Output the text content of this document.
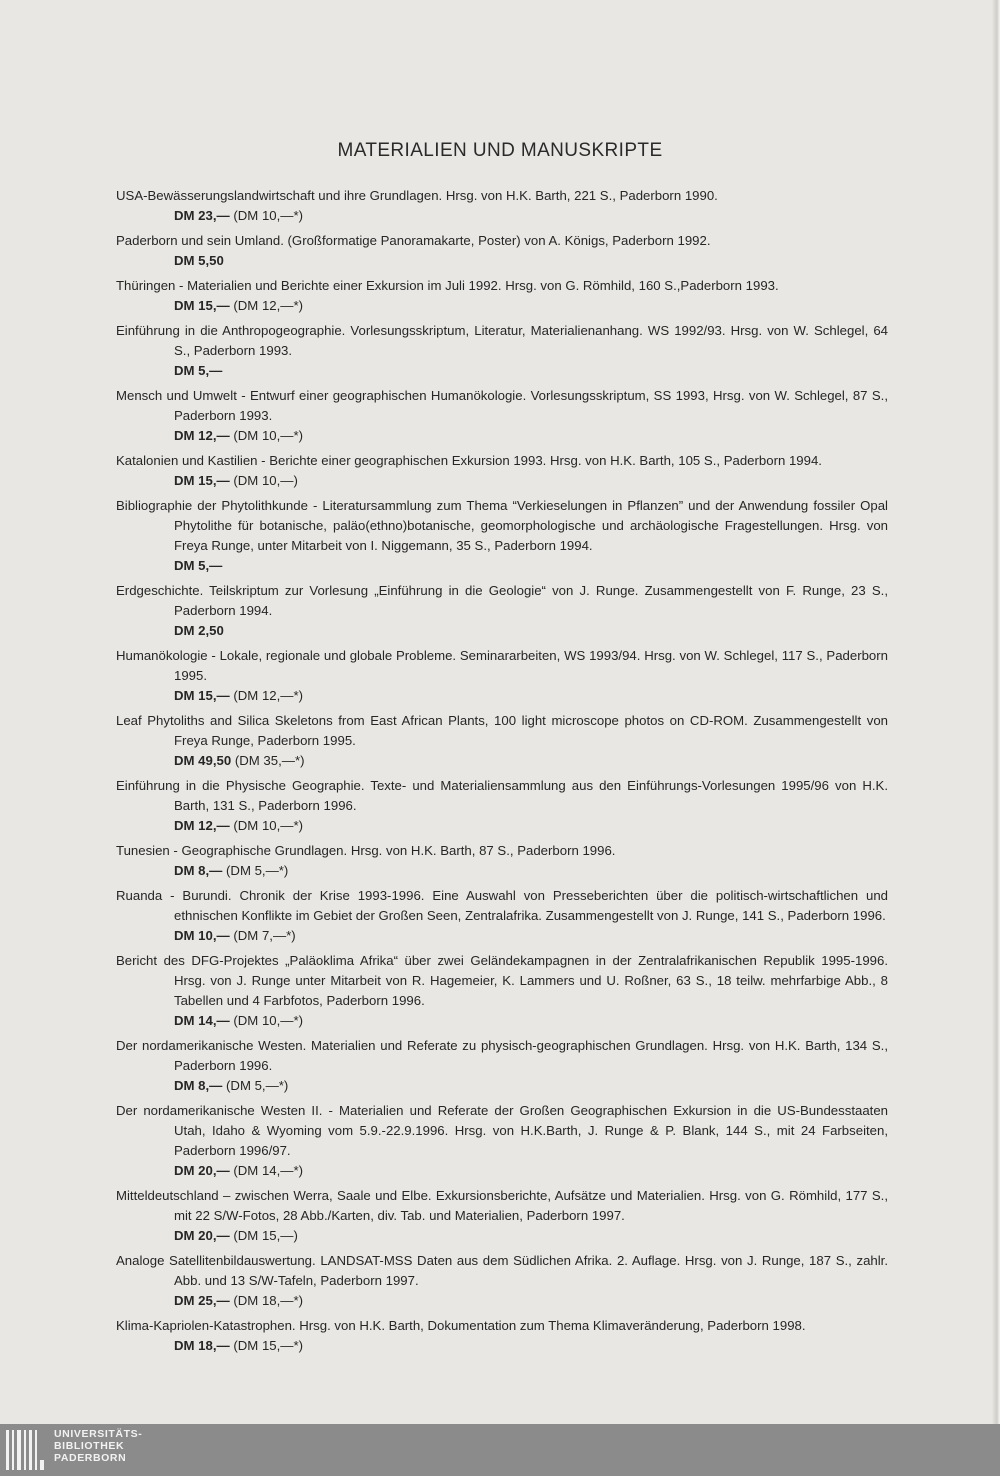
MATERIALIEN UND MANUSKRIPTE
USA-Bewässerungslandwirtschaft und ihre Grundlagen. Hrsg. von H.K. Barth, 221 S., Paderborn 1990.
DM 23,— (DM 10,—*)
Paderborn und sein Umland. (Großformatige Panoramakarte, Poster) von A. Königs, Paderborn 1992.
DM 5,50
Thüringen - Materialien und Berichte einer Exkursion im Juli 1992. Hrsg. von G. Römhild, 160 S.,Paderborn 1993.
DM 15,— (DM 12,—*)
Einführung in die Anthropogeographie. Vorlesungsskriptum, Literatur, Materialienanhang. WS 1992/93. Hrsg. von W. Schlegel, 64 S., Paderborn 1993.
DM 5,—
Mensch und Umwelt - Entwurf einer geographischen Humanökologie. Vorlesungsskriptum, SS 1993, Hrsg. von W. Schlegel, 87 S., Paderborn 1993.
DM 12,— (DM 10,—*)
Katalonien und Kastilien - Berichte einer geographischen Exkursion 1993. Hrsg. von H.K. Barth, 105 S., Paderborn 1994.
DM 15,— (DM 10,—)
Bibliographie der Phytolithkunde - Literatursammlung zum Thema “Verkieselungen in Pflanzen” und der Anwendung fossiler Opal Phytolithe für botanische, paläo(ethno)botanische, geomorphologische und archäologische Fragestellungen. Hrsg. von Freya Runge, unter Mitarbeit von I. Niggemann, 35 S., Paderborn 1994.
DM 5,—
Erdgeschichte. Teilskriptum zur Vorlesung „Einführung in die Geologie“ von J. Runge. Zusammengestellt von F. Runge, 23 S., Paderborn 1994.
DM 2,50
Humanökologie - Lokale, regionale und globale Probleme. Seminararbeiten, WS 1993/94. Hrsg. von W. Schlegel, 117 S., Paderborn 1995.
DM 15,— (DM 12,—*)
Leaf Phytoliths and Silica Skeletons from East African Plants, 100 light microscope photos on CD-ROM. Zusammengestellt von Freya Runge, Paderborn 1995.
DM 49,50 (DM 35,—*)
Einführung in die Physische Geographie. Texte- und Materialiensammlung aus den Einführungs-Vorlesungen 1995/96 von H.K. Barth, 131 S., Paderborn 1996.
DM 12,— (DM 10,—*)
Tunesien - Geographische Grundlagen. Hrsg. von H.K. Barth, 87 S., Paderborn 1996.
DM 8,— (DM 5,—*)
Ruanda - Burundi. Chronik der Krise 1993-1996. Eine Auswahl von Presseberichten über die politisch-wirtschaftlichen und ethnischen Konflikte im Gebiet der Großen Seen, Zentralafrika. Zusammengestellt von J. Runge, 141 S., Paderborn 1996.
DM 10,— (DM 7,—*)
Bericht des DFG-Projektes „Paläoklima Afrika“ über zwei Geländekampagnen in der Zentralafrikanischen Republik 1995-1996. Hrsg. von J. Runge unter Mitarbeit von R. Hagemeier, K. Lammers und U. Roßner, 63 S., 18 teilw. mehrfarbige Abb., 8 Tabellen und 4 Farbfotos, Paderborn 1996.
DM 14,— (DM 10,—*)
Der nordamerikanische Westen. Materialien und Referate zu physisch-geographischen Grundlagen. Hrsg. von H.K. Barth, 134 S., Paderborn 1996.
DM 8,— (DM 5,—*)
Der nordamerikanische Westen II. - Materialien und Referate der Großen Geographischen Exkursion in die US-Bundesstaaten Utah, Idaho & Wyoming vom 5.9.-22.9.1996. Hrsg. von H.K.Barth, J. Runge & P. Blank, 144 S., mit 24 Farbseiten, Paderborn 1996/97.
DM 20,— (DM 14,—*)
Mitteldeutschland – zwischen Werra, Saale und Elbe. Exkursionsberichte, Aufsätze und Materialien. Hrsg. von G. Römhild, 177 S., mit 22 S/W-Fotos, 28 Abb./Karten, div. Tab. und Materialien, Paderborn 1997.
DM 20,— (DM 15,—)
Analoge Satellitenbildauswertung. LANDSAT-MSS Daten aus dem Südlichen Afrika. 2. Auflage. Hrsg. von J. Runge, 187 S., zahlr. Abb. und 13 S/W-Tafeln, Paderborn 1997.
DM 25,— (DM 18,—*)
Klima-Kapriolen-Katastrophen. Hrsg. von H.K. Barth, Dokumentation zum Thema Klimaveränderung, Paderborn 1998.
DM 18,— (DM 15,—*)
UNIVERSITÄTS-
BIBLIOTHEK
PADERBORN
